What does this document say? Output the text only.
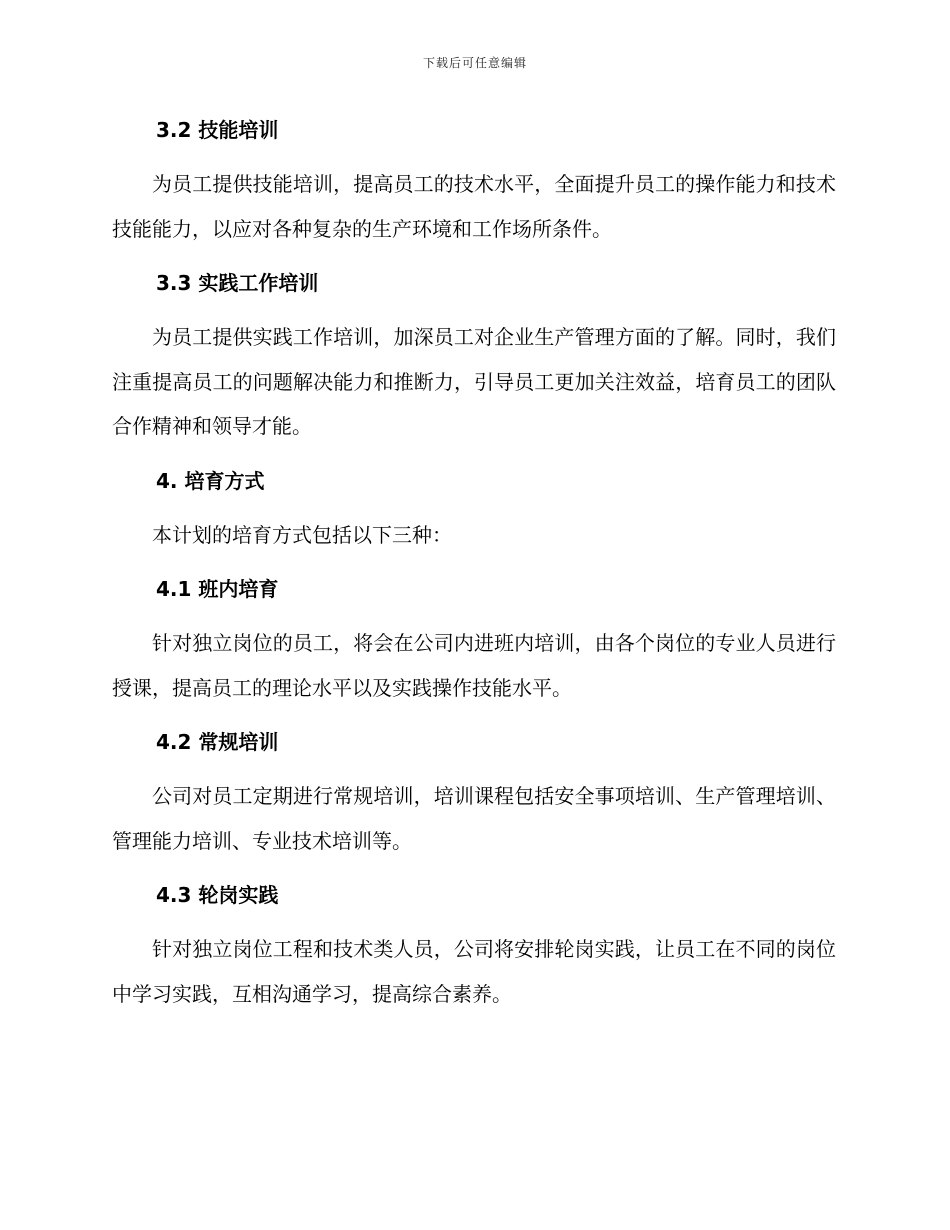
下载后可任意编辑
3.2 技能培训

为员工提供技能培训，提高员工的技术水平，全面提升员工的操作能力和技术技能能力，以应对各种复杂的生产环境和工作场所条件。

3.3 实践工作培训

为员工提供实践工作培训，加深员工对企业生产管理方面的了解。同时，我们注重提高员工的问题解决能力和推断力，引导员工更加关注效益，培育员工的团队合作精神和领导才能。

4. 培育方式

本计划的培育方式包括以下三种：

4.1 班内培育

针对独立岗位的员工，将会在公司内进班内培训，由各个岗位的专业人员进行授课，提高员工的理论水平以及实践操作技能水平。

4.2 常规培训

公司对员工定期进行常规培训，培训课程包括安全事项培训、生产管理培训、管理能力培训、专业技术培训等。

4.3 轮岗实践

针对独立岗位工程和技术类人员，公司将安排轮岗实践，让员工在不同的岗位中学习实践，互相沟通学习，提高综合素养。
